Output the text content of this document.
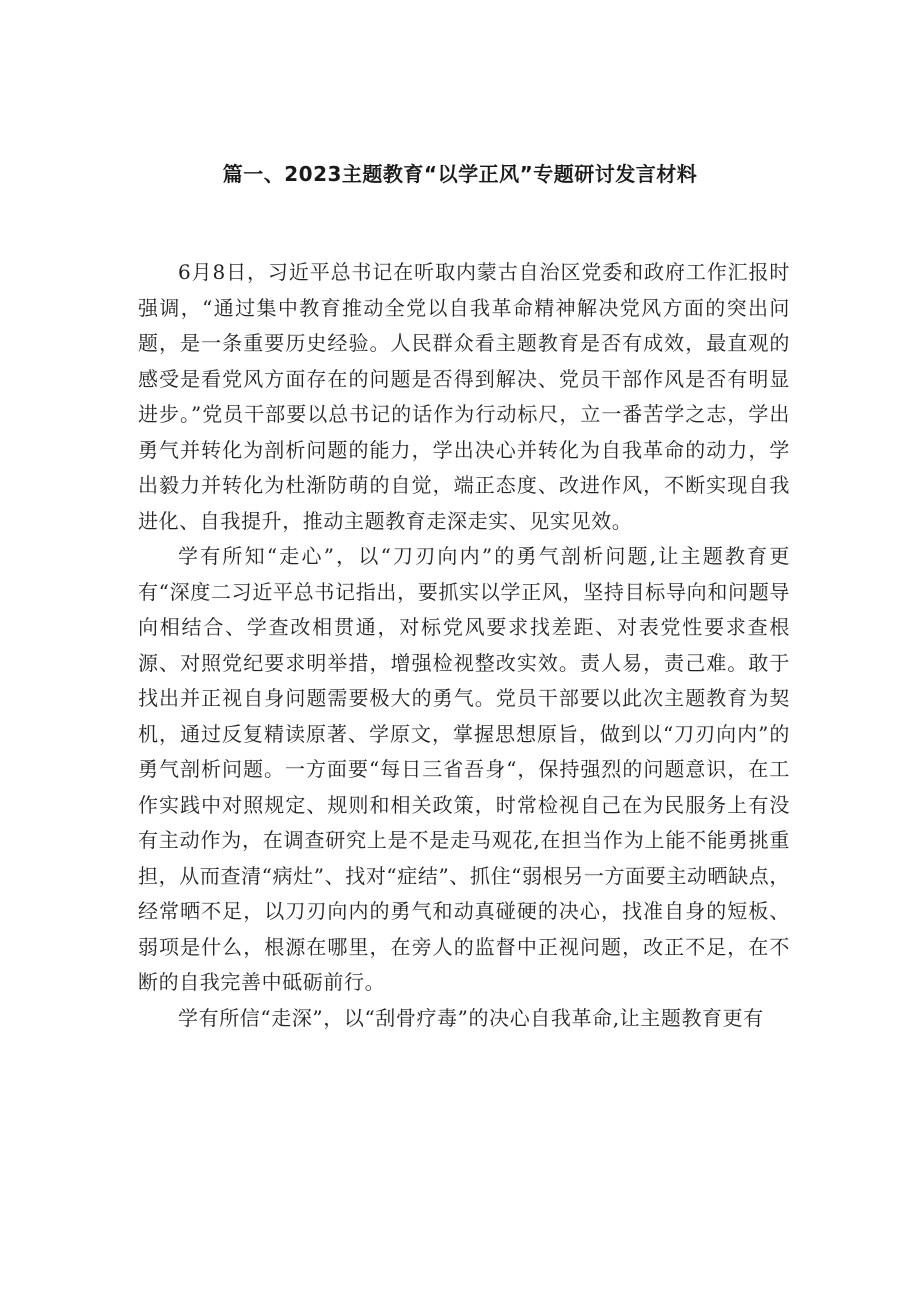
篇一、2023主题教育“以学正风”专题研讨发言材料

6月8日，习近平总书记在听取内蒙古自治区党委和政府工作汇报时强调，“通过集中教育推动全党以自我革命精神解决党风方面的突出问题，是一条重要历史经验。人民群众看主题教育是否有成效，最直观的感受是看党风方面存在的问题是否得到解决、党员干部作风是否有明显进步。”党员干部要以总书记的话作为行动标尺，立一番苦学之志，学出勇气并转化为剖析问题的能力，学出决心并转化为自我革命的动力，学出毅力并转化为杜渐防萌的自觉，端正态度、改进作风，不断实现自我进化、自我提升，推动主题教育走深走实、见实见效。

学有所知“走心”，以“刀刃向内”的勇气剖析问题,让主题教育更有“深度二习近平总书记指出，要抓实以学正风，坚持目标导向和问题导向相结合、学查改相贯通，对标党风要求找差距、对表党性要求查根源、对照党纪要求明举措，增强检视整改实效。责人易，责己难。敢于找出并正视自身问题需要极大的勇气。党员干部要以此次主题教育为契机，通过反复精读原著、学原文，掌握思想原旨，做到以“刀刃向内”的勇气剖析问题。一方面要“每日三省吾身“，保持强烈的问题意识，在工作实践中对照规定、规则和相关政策，时常检视自己在为民服务上有没有主动作为，在调查研究上是不是走马观花,在担当作为上能不能勇挑重担，从而查清“病灶”、找对“症结”、抓住“弱根另一方面要主动晒缺点，经常晒不足，以刀刃向内的勇气和动真碰硬的决心，找准自身的短板、弱项是什么，根源在哪里，在旁人的监督中正视问题，改正不足，在不断的自我完善中砥砺前行。

学有所信“走深”，以“刮骨疗毒”的决心自我革命,让主题教育更有
